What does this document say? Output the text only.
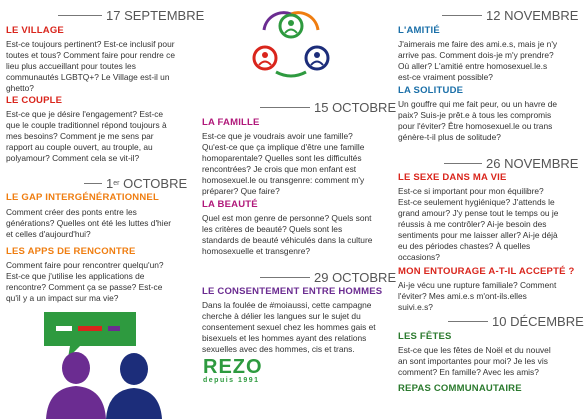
17 SEPTEMBRE
LE VILLAGE
Est-ce toujours pertinent? Est-ce inclusif pour toutes et tous? Comment faire pour rendre ce lieu plus accueillant pour toutes les communautés LGBTQ+? Le Village est-il un ghetto?
LE COUPLE
Est-ce que je désire l'engagement? Est-ce que le couple traditionnel répond toujours à mes besoins? Comment je me sens par rapport au couple ouvert, au trouple, au polyamour? Comment cela se vit-il?
1 er
OCTOBRE
LE GAP INTERGÉNÉRATIONNEL
Comment créer des ponts entre les générations? Quelles ont été les luttes d'hier et celles d'aujourd'hui?
LES APPS DE RENCONTRE
Comment faire pour rencontrer quelqu'un? Est-ce que j'utilise les applications de rencontre? Comment ça se passe? Est-ce qu'il y a un impact sur ma vie?
15 OCTOBRE
LA FAMILLE
Est-ce que je voudrais avoir une famille? Qu'est-ce que ça implique d'être une famille homoparentale? Quelles sont les difficultés rencontrées? Je crois que mon enfant est homosexuel.le ou transgenre: comment m'y préparer? Que faire?
LA BEAUTÉ
Quel est mon genre de personne? Quels sont les critères de beauté? Quels sont les standards de beauté véhiculés dans la culture homosexuelle et transgenre?
29 OCTOBRE
LE CONSENTEMENT ENTRE HOMMES
Dans la foulée de #moiaussi, cette campagne cherche à délier les langues sur le sujet du consentement sexuel chez les hommes gais et bisexuels et les hommes ayant des relations sexuelles avec des hommes, cis et trans.
REZO
depuis 1991
12 NOVEMBRE
L'AMITIÉ
J'aimerais me faire des ami.e.s, mais je n'y arrive pas. Comment dois-je m'y prendre? Où aller? L'amitié entre homosexuel.le.s est-ce vraiment possible?
LA SOLITUDE
Un gouffre qui me fait peur, ou un havre de paix? Suis-je prêt.e à tous les compromis pour l'éviter? Être homosexuel.le ou trans génère-t-il plus de solitude?
26 NOVEMBRE
LE SEXE DANS MA VIE
Est-ce si important pour mon équilibre? Est-ce seulement hygiénique? J'attends le grand amour? J'y pense tout le temps ou je réussis à me contrôler? Ai-je besoin des sentiments pour me laisser aller? Ai-je déjà eu des périodes chastes? À quelles occasions?
MON ENTOURAGE A-T-IL ACCEPTÉ ?
Ai-je vécu une rupture familiale? Comment l'éviter? Mes ami.e.s m'ont-ils.elles suivi.e.s?
10 DÉCEMBRE
LES FÊTES
Est-ce que les fêtes de Noël et du nouvel an sont importantes pour moi? Je les vis comment? En famille? Avec les amis?
REPAS COMMUNAUTAIRE
